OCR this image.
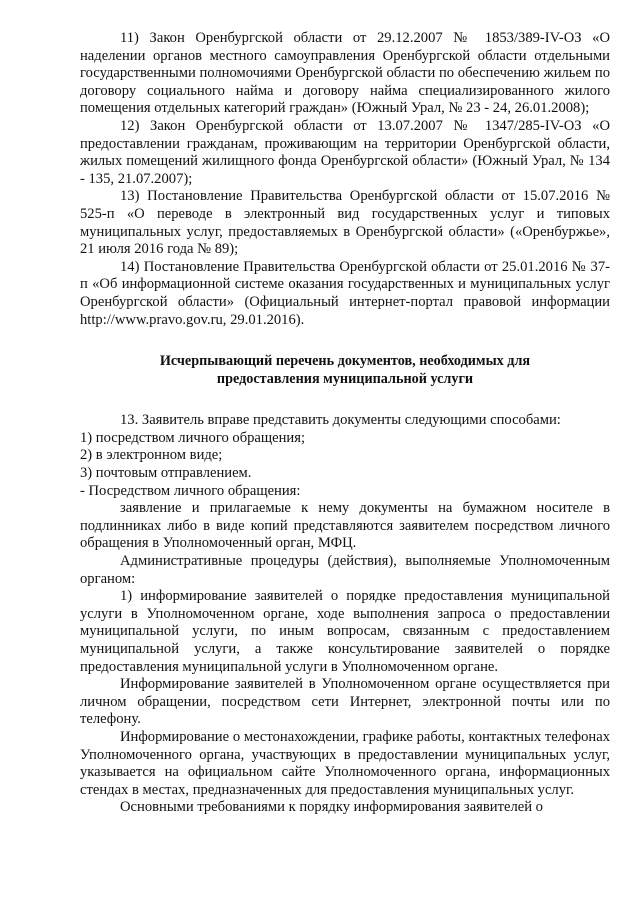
11) Закон Оренбургской области от 29.12.2007 № 1853/389-IV-ОЗ «О наделении органов местного самоуправления Оренбургской области отдельными государственными полномочиями Оренбургской области по обеспечению жильем по договору социального найма и договору найма специализированного жилого помещения отдельных категорий граждан» (Южный Урал, № 23 - 24, 26.01.2008);

12) Закон Оренбургской области от 13.07.2007 № 1347/285-IV-ОЗ «О предоставлении гражданам, проживающим на территории Оренбургской области, жилых помещений жилищного фонда Оренбургской области» (Южный Урал, № 134 - 135, 21.07.2007);

13) Постановление Правительства Оренбургской области от 15.07.2016 № 525-п «О переводе в электронный вид государственных услуг и типовых муниципальных услуг, предоставляемых в Оренбургской области» («Оренбуржье», 21 июля 2016 года № 89);

14) Постановление Правительства Оренбургской области от 25.01.2016 № 37-п «Об информационной системе оказания государственных и муниципальных услуг Оренбургской области» (Официальный интернет-портал правовой информации http://www.pravo.gov.ru, 29.01.2016).

Исчерпывающий перечень документов, необходимых для

предоставления муниципальной услуги

13. Заявитель вправе представить документы следующими способами:

1) посредством личного обращения;

2) в электронном виде;

3) почтовым отправлением.

- Посредством личного обращения:

заявление и прилагаемые к нему документы на бумажном носителе в подлинниках либо в виде копий представляются заявителем посредством личного обращения в Уполномоченный орган, МФЦ.

Административные процедуры (действия), выполняемые Уполномоченным органом:

1) информирование заявителей о порядке предоставления муниципальной услуги в Уполномоченном органе, ходе выполнения запроса о предоставлении муниципальной услуги, по иным вопросам, связанным с предоставлением муниципальной услуги, а также консультирование заявителей о порядке предоставления муниципальной услуги в Уполномоченном органе.

Информирование заявителей в Уполномоченном органе осуществляется при личном обращении, посредством сети Интернет, электронной почты или по телефону.

Информирование о местонахождении, графике работы, контактных телефонах Уполномоченного органа, участвующих в предоставлении муниципальных услуг, указывается на официальном сайте Уполномоченного органа, информационных стендах в местах, предназначенных для предоставления муниципальных услуг.

Основными требованиями к порядку информирования заявителей о
